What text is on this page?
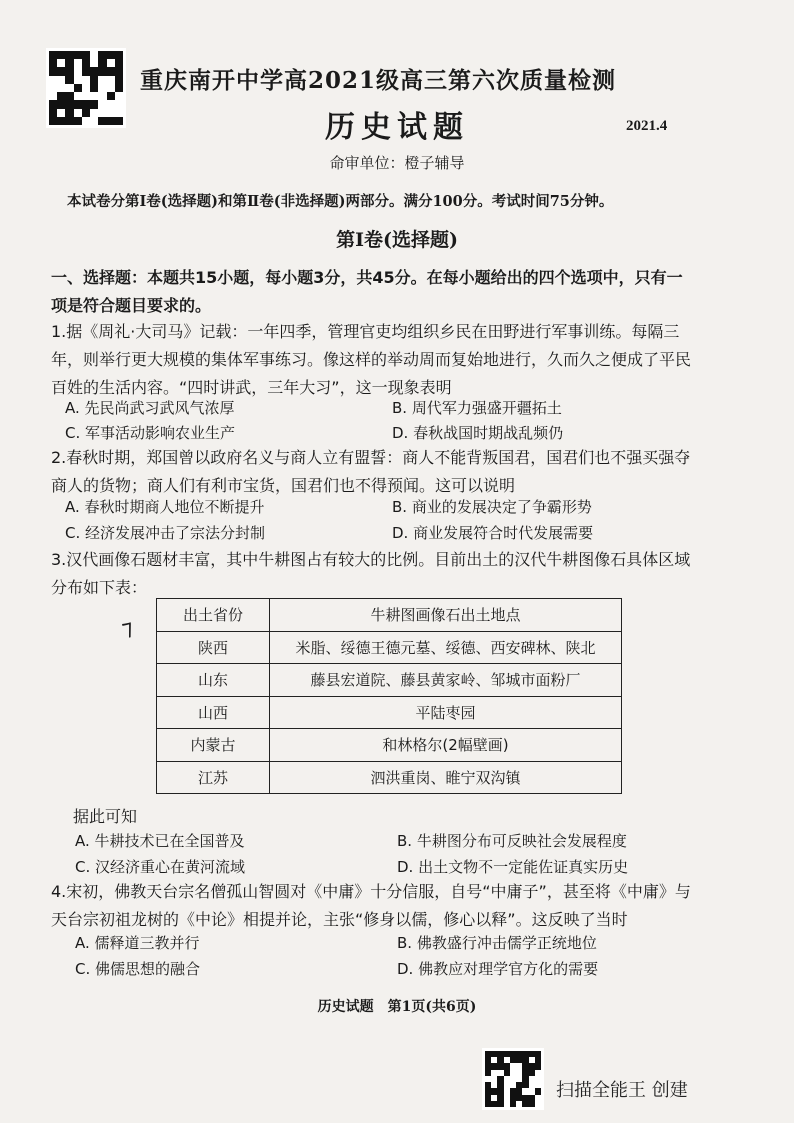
重庆南开中学高2021级高三第六次质量检测
历史试题	2021.4
命审单位：橙子辅导
本试卷分第Ⅰ卷(选择题)和第Ⅱ卷(非选择题)两部分。满分100分。考试时间75分钟。
第Ⅰ卷(选择题)
一、选择题：本题共15小题，每小题3分，共45分。在每小题给出的四个选项中，只有一项是符合题目要求的。
1.据《周礼·大司马》记载：一年四季，管理官吏均组织乡民在田野进行军事训练。每隔三年，则举行更大规模的集体军事练习。像这样的举动周而复始地进行，久而久之便成了平民百姓的生活内容。“四时讲武，三年大习”，这一现象表明
A. 先民尚武习武风气浓厚	B. 周代军力强盛开疆拓土
C. 军事活动影响农业生产	D. 春秋战国时期战乱频仍
2.春秋时期，郑国曾以政府名义与商人立有盟誓：商人不能背叛国君，国君们也不强买强夺商人的货物；商人们有利市宝货，国君们也不得预闻。这可以说明
A. 春秋时期商人地位不断提升	B. 商业的发展决定了争霸形势
C. 经济发展冲击了宗法分封制	D. 商业发展符合时代发展需要
3.汉代画像石题材丰富，其中牛耕图占有较大的比例。目前出土的汉代牛耕图像石具体区域分布如下表：
⁊	出土省份	牛耕图画像石出土地点
陕西	米脂、绥德王德元墓、绥德、西安碑林、陕北
山东	藤县宏道院、藤县黄家岭、邹城市面粉厂
山西	平陆枣园
内蒙古	和林格尔(2幅壁画)
江苏	泗洪重岗、睢宁双沟镇
据此可知
A. 牛耕技术已在全国普及	B. 牛耕图分布可反映社会发展程度
C. 汉经济重心在黄河流域	D. 出土文物不一定能佐证真实历史
4.宋初，佛教天台宗名僧孤山智圆对《中庸》十分信服，自号“中庸子”，甚至将《中庸》与天台宗初祖龙树的《中论》相提并论，主张“修身以儒，修心以释”。这反映了当时
A. 儒释道三教并行	B. 佛教盛行冲击儒学正统地位
C. 佛儒思想的融合	D. 佛教应对理学官方化的需要
历史试题　第1页(共6页)
扫描全能王 创建
